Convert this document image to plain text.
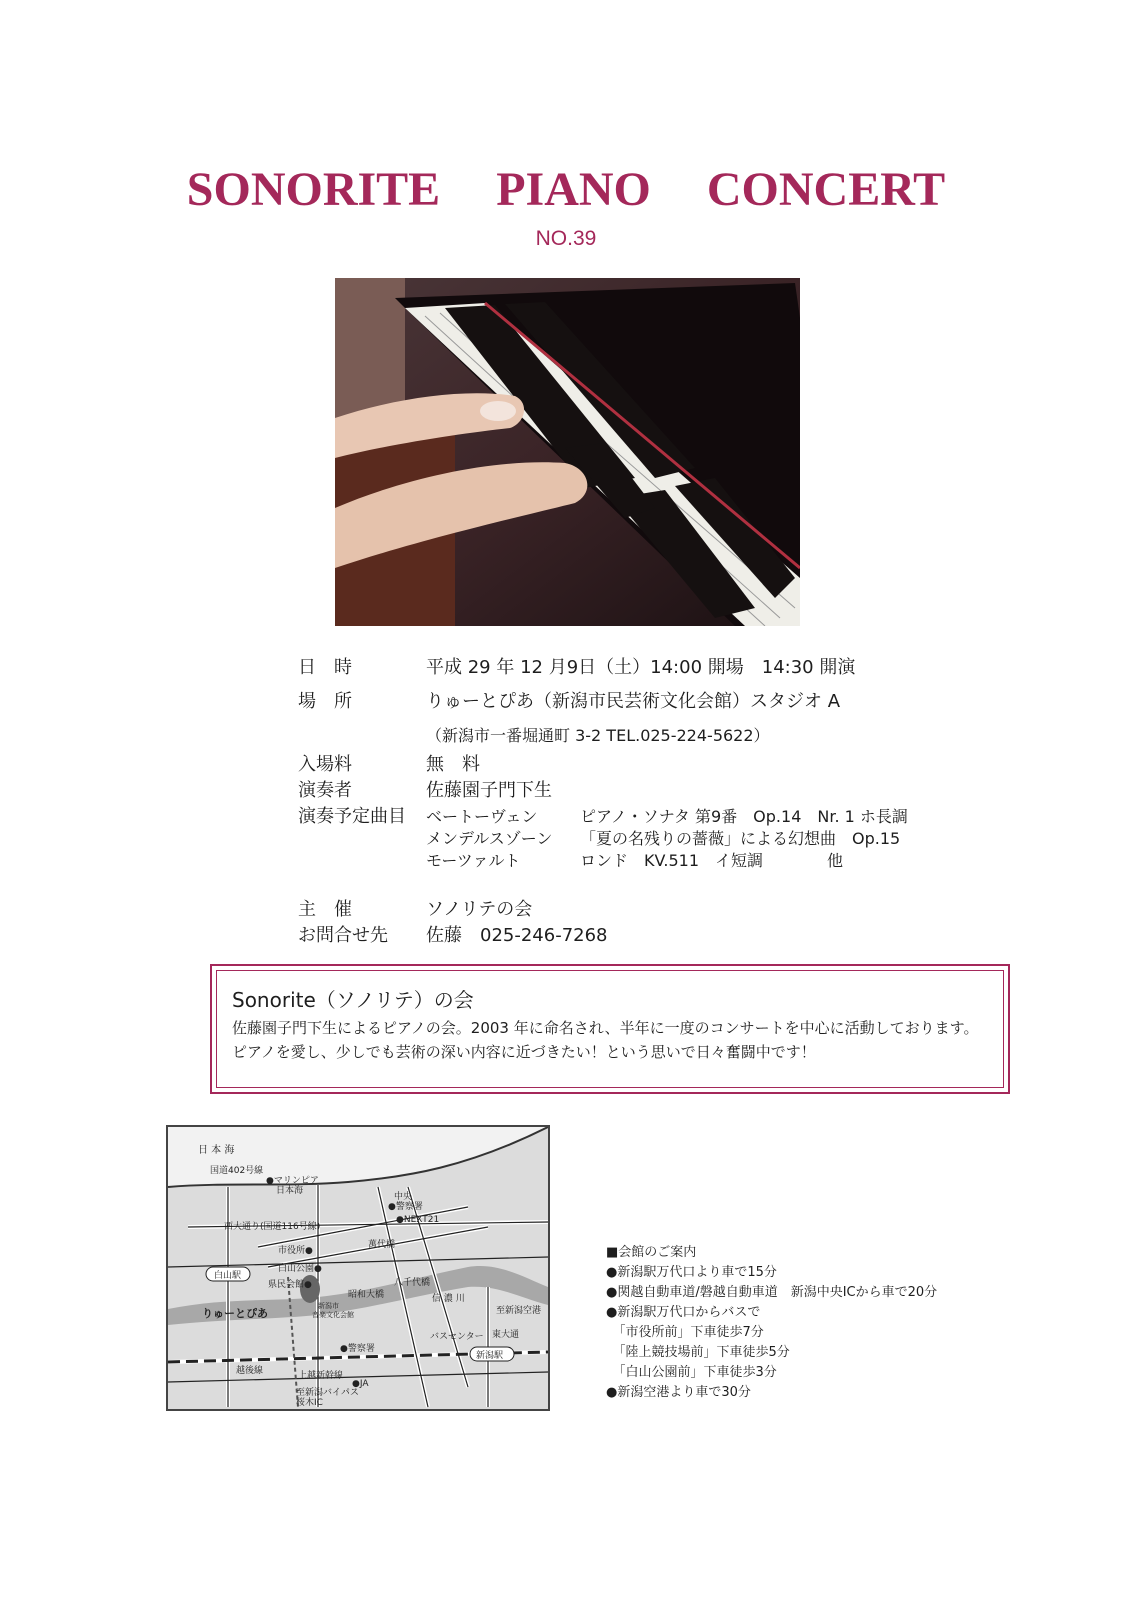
SONORITE PIANO CONCERT
NO.39
日　時	平成 29 年 12 月9日（土）14:00 開場　14:30 開演
場　所	りゅーとぴあ（新潟市民芸術文化会館）スタジオ A
（新潟市一番堀通町 3-2 TEL.025-224-5622）
入場料	無　料
演奏者	佐藤園子門下生
演奏予定曲目 ベートーヴェン	ピアノ・ソナタ 第9番　Op.14　Nr. 1 ホ長調
メンデルスゾーン 「夏の名残りの薔薇」による幻想曲　Op.15
モーツァルト	ロンド　KV.511　イ短調　　　　他
主　催	ソノリテの会
お問合せ先 佐藤　025-246-7268
Sonorite（ソノリテ）の会
佐藤園子門下生によるピアノの会。2003 年に命名され、半年に一度のコンサートを中心に活動しております。ピアノを愛し、少しでも芸術の深い内容に近づきたい！という思いで日々奮闘中です！
日 本 海
国道402号線
●マリンピア
日本海
中央
●警察署
●NEXT21
西大通り(国道116号線)
市役所●
白山公園●
県民会館●
白山駅
りゅーとぴあ
新潟市
音楽文化会館
信 濃 川
至新潟空港
バスセンター
●警察署
越後線	上越新幹線
●JA
新潟駅
至新潟バイパス
桜木IC
萬代橋
昭和大橋
八千代橋
東大通
■会館のご案内
●新潟駅万代口より車で15分
●関越自動車道/磐越自動車道　新潟中央ICから車で20分
●新潟駅万代口からバスで
　「市役所前」下車徒歩7分
　「陸上競技場前」下車徒歩5分
　「白山公園前」下車徒歩3分
●新潟空港より車で30分
